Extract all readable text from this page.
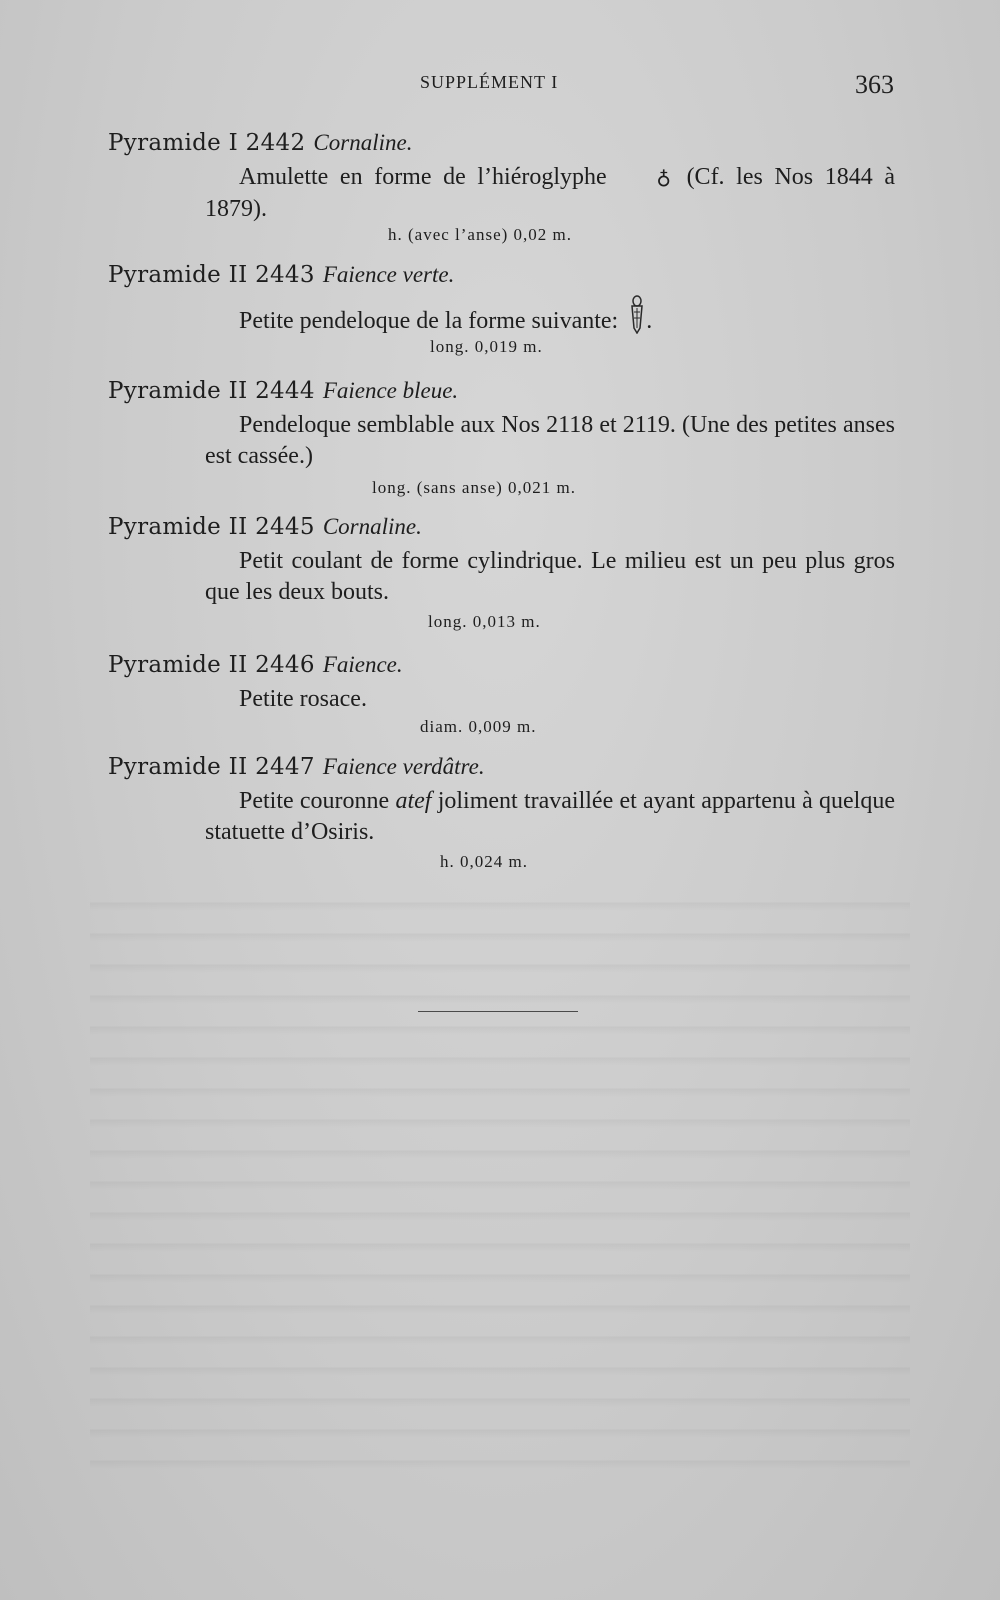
SUPPLÉMENT I	363
Pyramide I 2442 Cornaline.

Amulette en forme de l’hiéroglyphe ♁ (Cf. les Nos 1844 à 1879).

h. (avec l’anse) 0,02 m.
Pyramide II 2443 Faience verte.

Petite pendeloque de la forme suivante: .

long. 0,019 m.
Pyramide II 2444 Faience bleue.

Pendeloque semblable aux Nos 2118 et 2119. (Une des petites anses est cassée.)

long. (sans anse) 0,021 m.
Pyramide II 2445 Cornaline.

Petit coulant de forme cylindrique. Le milieu est un peu plus gros que les deux bouts.

long. 0,013 m.
Pyramide II 2446 Faience.

Petite rosace.

diam. 0,009 m.
Pyramide II 2447 Faience verdâtre.

Petite couronne atef joliment travaillée et ayant appartenu à quelque statuette d’Osiris.

h. 0,024 m.
